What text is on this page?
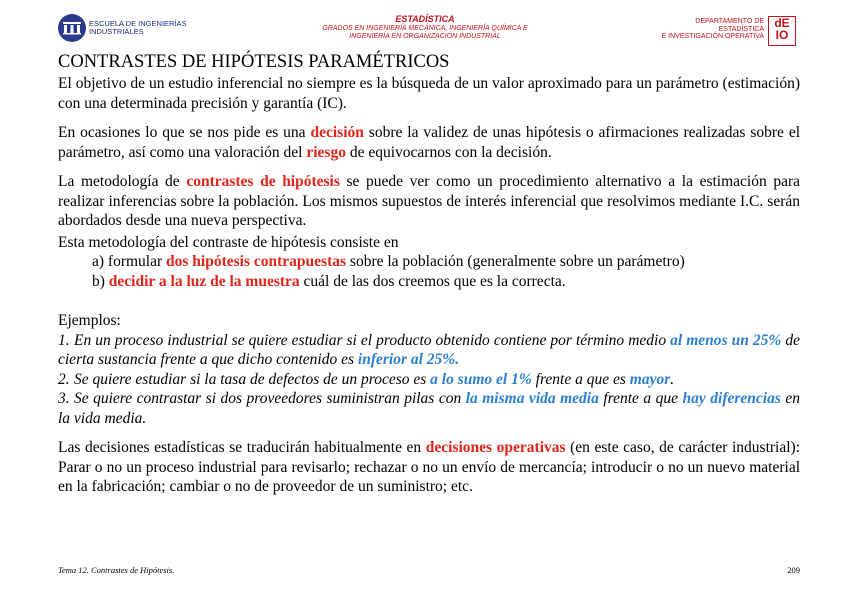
ESCUELA DE INGENIERÍAS
INDUSTRIALES
ESTADÍSTICA
GRADOS EN INGENIERÍA MECÁNICA, INGENIERÍA QUÍMICA E
INGENIERÍA EN ORGANIZACIÓN INDUSTRIAL
DEPARTAMENTO DE ESTADÍSTICA
E INVESTIGACIÓN OPERATIVA
dE
IO
CONTRASTES DE HIPÓTESIS PARAMÉTRICOS

El objetivo de un estudio inferencial no siempre es la búsqueda de un valor aproximado para un parámetro (estimación) con una determinada precisión y garantía (IC).

En ocasiones lo que se nos pide es una decisión sobre la validez de unas hipótesis o afirmaciones realizadas sobre el parámetro, así como una valoración del riesgo de equivocarnos con la decisión.

La metodología de contrastes de hipótesis se puede ver como un procedimiento alternativo a la estimación para realizar inferencias sobre la población. Los mismos supuestos de interés inferencial que resolvimos mediante I.C. serán abordados desde una nueva perspectiva.

Esta metodología del contraste de hipótesis consiste en

a) formular dos hipótesis contrapuestas sobre la población (generalmente sobre un parámetro)

b) decidir a la luz de la muestra cuál de las dos creemos que es la correcta.

Ejemplos:

1. En un proceso industrial se quiere estudiar si el producto obtenido contiene por término medio al menos un 25% de cierta sustancia frente a que dicho contenido es inferior al 25%.

2. Se quiere estudiar si la tasa de defectos de un proceso es a lo sumo el 1% frente a que es mayor.

3. Se quiere contrastar si dos proveedores suministran pilas con la misma vida media frente a que hay diferencias en la vida media.

Las decisiones estadísticas se traducirán habitualmente en decisiones operativas (en este caso, de carácter industrial): Parar o no un proceso industrial para revisarlo; rechazar o no un envío de mercancía; introducir o no un nuevo material en la fabricación; cambiar o no de proveedor de un suministro; etc.

Tema 12. Contrastes de Hipótesis.	209
